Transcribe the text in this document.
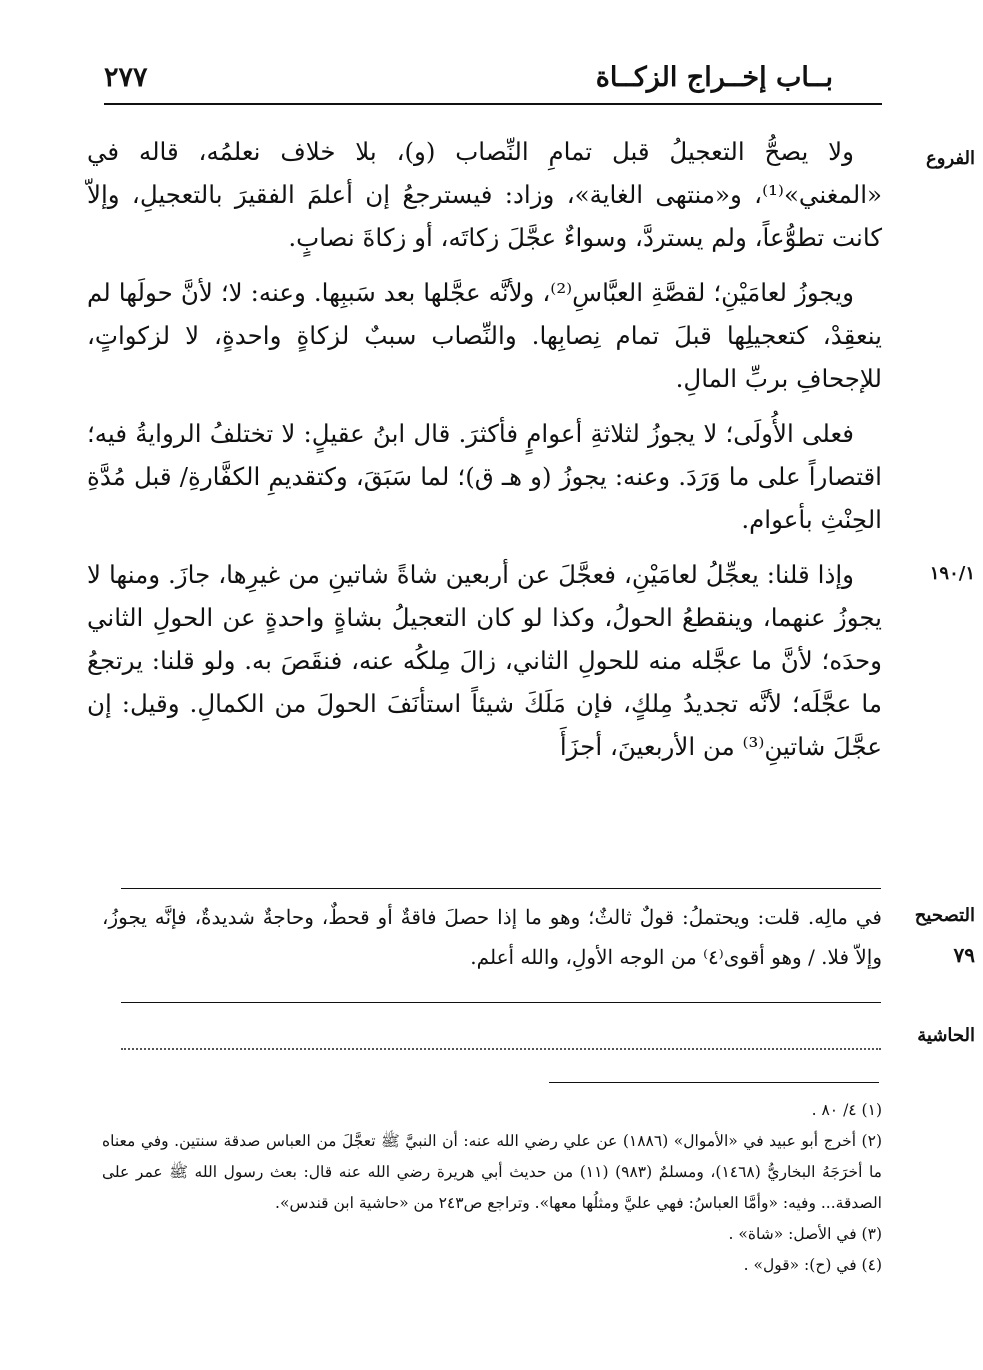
بــاب إخــراج الزكــاة
٢٧٧
الفروع
١٩٠/١
التصحيح
٧٩
الحاشية

ولا يصحُّ التعجيلُ قبل تمامِ النِّصاب (و)، بلا خلاف نعلمُه، قاله في «المغني»⁽¹⁾، و«منتهى الغاية»، وزاد: فيسترجعُ إن أعلمَ الفقيرَ بالتعجيلِ، وإلاّ كانت تطوُّعاً، ولم يستردَّ، وسواءٌ عجَّلَ زكاتَه، أو زكاةَ نصابٍ.

ويجوزُ لعامَيْنِ؛ لقصَّةِ العبَّاسِ⁽²⁾، ولأنَّه عجَّلها بعد سَببِها. وعنه: لا؛ لأنَّ حولَها لم ينعقِدْ، كتعجيلِها قبلَ تمام نِصابِها. والنِّصاب سببٌ لزكاةٍ واحدةٍ، لا لزكواتٍ، للإجحافِ بربِّ المالِ.

فعلى الأُولَى؛ لا يجوزُ لثلاثةِ أعوامٍ فأكثرَ. قال ابنُ عقيلٍ: لا تختلفُ الروايةُ فيه؛ اقتصاراً على ما وَرَدَ. وعنه: يجوزُ (و هـ ق)؛ لما سَبَقَ، وكتقديمِ الكفَّارةِ/ قبل مُدَّةِ الحِنْثِ بأعوام.

وإذا قلنا: يعجِّلُ لعامَيْنِ، فعجَّلَ عن أربعين شاةً شاتينِ من غيرِها، جازَ. ومنها لا يجوزُ عنهما، وينقطعُ الحولُ، وكذا لو كان التعجيلُ بشاةٍ واحدةٍ عن الحولِ الثاني وحدَه؛ لأنَّ ما عجَّله منه للحولِ الثاني، زالَ مِلكُه عنه، فنقَصَ به. ولو قلنا: يرتجعُ ما عجَّلَه؛ لأنَّه تجديدُ مِلكٍ، فإن مَلَكَ شيئاً استأنَفَ الحولَ من الكمالِ. وقيل: إن عجَّلَ شاتينِ⁽³⁾ من الأربعينَ، أجزَأَ

في مالِه. قلت: ويحتملُ: قولٌ ثالثٌ؛ وهو ما إذا حصلَ فاقةٌ أو قحطٌ، وحاجةٌ شديدةٌ، فإنَّه يجوزُ، وإلاّ فلا. / وهو أقوى⁽٤⁾ من الوجه الأولِ، والله أعلم.

(١) ٤/ ٨٠ .

(٢) أخرج أبو عبيد في «الأموال» (١٨٨٦) عن علي رضي الله عنه: أن النبيَّ ﷺ تعجَّلَ من العباس صدقة سنتين. وفي معناه ما أخرَجَهُ البخاريُّ (١٤٦٨)، ومسلمٌ (٩٨٣) (١١) من حديث أبي هريرة رضي الله عنه قال: بعث رسول الله ﷺ عمر على الصدقة... وفيه: «وأمَّا العباسُ: فهي عليَّ ومثلُها معها». وتراجع ص٢٤٣ من «حاشية ابن قندس».

(٣) في الأصل: «شاة» .

(٤) في (ح): «قول» .
